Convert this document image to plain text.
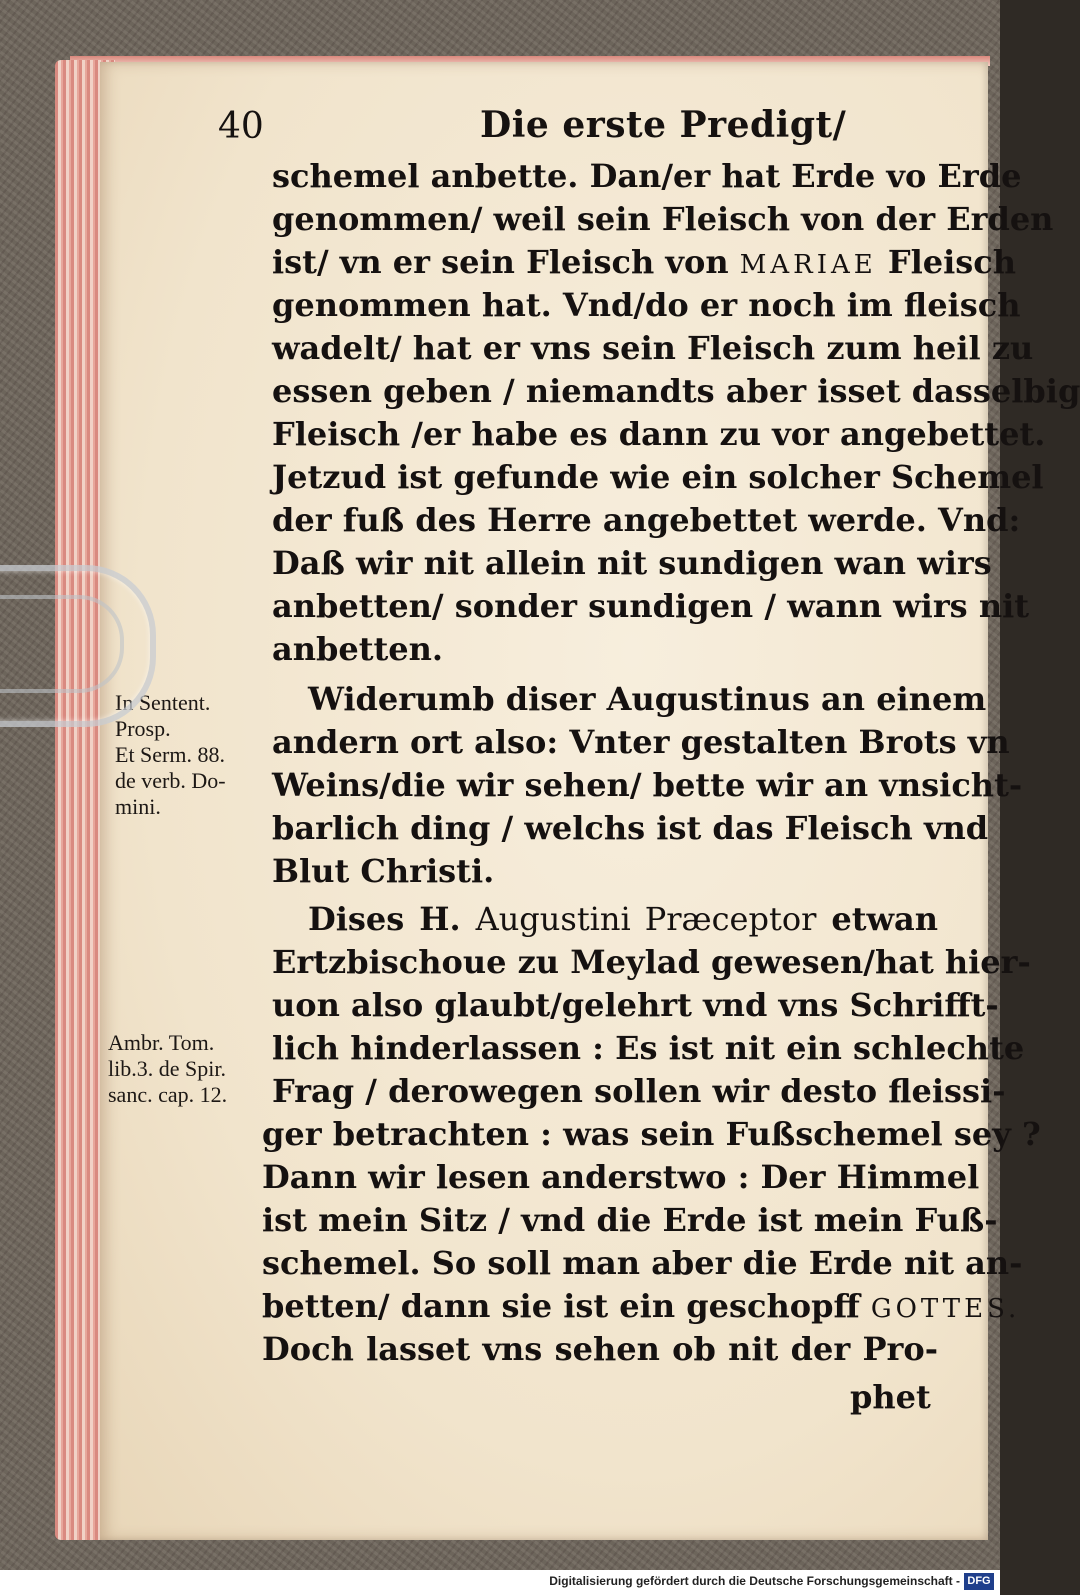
40	Die erste Predigt/
schemel anbette. Dan/er hat Erde vo Erde
genommen/ weil sein Fleisch von der Erden
ist/ vn er sein Fleisch von MARIAE Fleisch
genommen hat. Vnd/do er noch im fleisch
wadelt/ hat er vns sein Fleisch zum heil zu
essen geben / niemandts aber isset dasselbig
Fleisch /er habe es dann zu vor angebettet.
Jetzud ist gefunde wie ein solcher Schemel
der fuß des Herre angebettet werde. Vnd:
Daß wir nit allein nit sundigen wan wirs
anbetten/ sonder sundigen / wann wirs nit
anbetten.
Widerumb diser Augustinus an einem
andern ort also: Vnter gestalten Brots vn
Weins/die wir sehen/ bette wir an vnsicht-
barlich ding / welchs ist das Fleisch vnd
Blut Christi.
Dises H. Augustini Præceptor etwan
Ertzbischoue zu Meylad gewesen/hat hier-
uon also glaubt/gelehrt vnd vns Schrifft-
lich hinderlassen : Es ist nit ein schlechte
Frag / derowegen sollen wir desto fleissi-
ger betrachten : was sein Fußschemel sey ?
Dann wir lesen anderstwo : Der Himmel
ist mein Sitz / vnd die Erde ist mein Fuß-
schemel. So soll man aber die Erde nit an-
betten/ dann sie ist ein geschopff GOTTES.
Doch lasset vns sehen ob nit der Pro-
phet
In Sentent.
Prosp.
Et Serm. 88.
de verb. Do-
mini.
Ambr. Tom.
lib.3. de Spir.
sanc. cap. 12.
Digitalisierung gefördert durch die Deutsche Forschungsgemeinschaft - DFG
